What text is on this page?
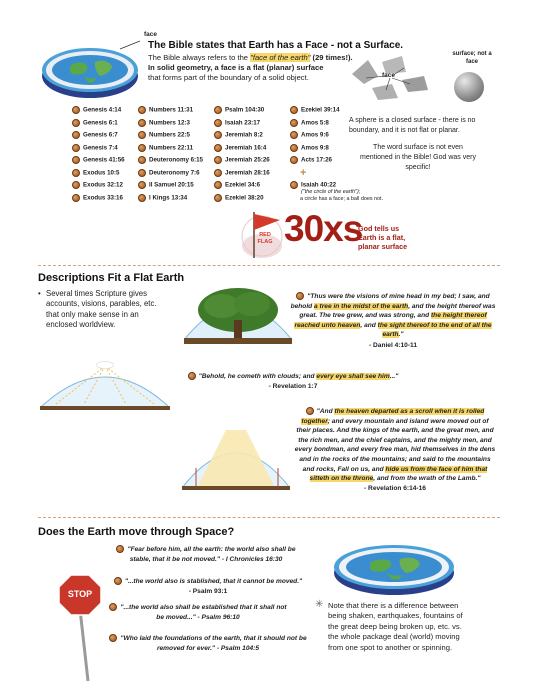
face
The Bible states that Earth has a Face - not a Surface.
The Bible always refers to the "face of the earth" (29 times!).
In solid geometry, a face is a flat (planar) surface
that forms part of the boundary of a solid object.	face
surface; not a face
Genesis 4:14
Genesis 6:1
Genesis 6:7
Genesis 7:4
Genesis 41:56
Exodus 10:5
Exodus 32:12
Exodus 33:16
Numbers 11:31
Numbers 12:3
Numbers 22:5
Numbers 22:11
Deuteronomy 6:15
Deuteronomy 7:6
II Samuel 20:15
I Kings 13:34
Psalm 104:30
Isaiah 23:17
Jeremiah 8:2
Jeremiah 16:4
Jeremiah 25:26
Jeremiah 28:16
Ezekiel 34:6
Ezekiel 38:20
Ezekiel 39:14
Amos 5:8
Amos 9:6
Amos 9:8
Acts 17:26
+
Isaiah 40:22
("the circle of the earth");
a circle has a face; a ball does not.
A sphere is a closed surface - there is no boundary, and it is not flat or planar.
The word surface is not even mentioned in the Bible! God was very specific!
RED FLAG 30xs
God tells us Earth is a flat, planar surface
Descriptions Fit a Flat Earth
• Several times Scripture gives accounts, visions, parables, etc. that only make sense in an enclosed worldview.
"Thus were the visions of mine head in my bed; I saw, and behold a tree in the midst of the earth, and the height thereof was great. The tree grew, and was strong, and the height thereof reached unto heaven, and the sight thereof to the end of all the earth."
- Daniel 4:10-11
"Behold, he cometh with clouds; and every eye shall see him..."
- Revelation 1:7
"And the heaven departed as a scroll when it is rolled together; and every mountain and island were moved out of their places. And the kings of the earth, and the great men, and the rich men, and the chief captains, and the mighty men, and every bondman, and every free man, hid themselves in the dens and in the rocks of the mountains; and said to the mountains and rocks, Fall on us, and hide us from the face of him that sitteth on the throne, and from the wrath of the Lamb."
- Revelation 6:14-16
Does the Earth move through Space?
"Fear before him, all the earth: the world also shall be stable, that it be not moved." - I Chronicles 16:30
"...the world also is stablished, that it cannot be moved."
- Psalm 93:1
"...the world also shall be established that it shall not be moved..." - Psalm 96:10
"Who laid the foundations of the earth, that it should not be removed for ever." - Psalm 104:5
STOP
✳ Note that there is a difference between being shaken, earthquakes, fountains of the great deep being broken up, etc. vs. the whole package deal (world) moving from one spot to another or spinning.
